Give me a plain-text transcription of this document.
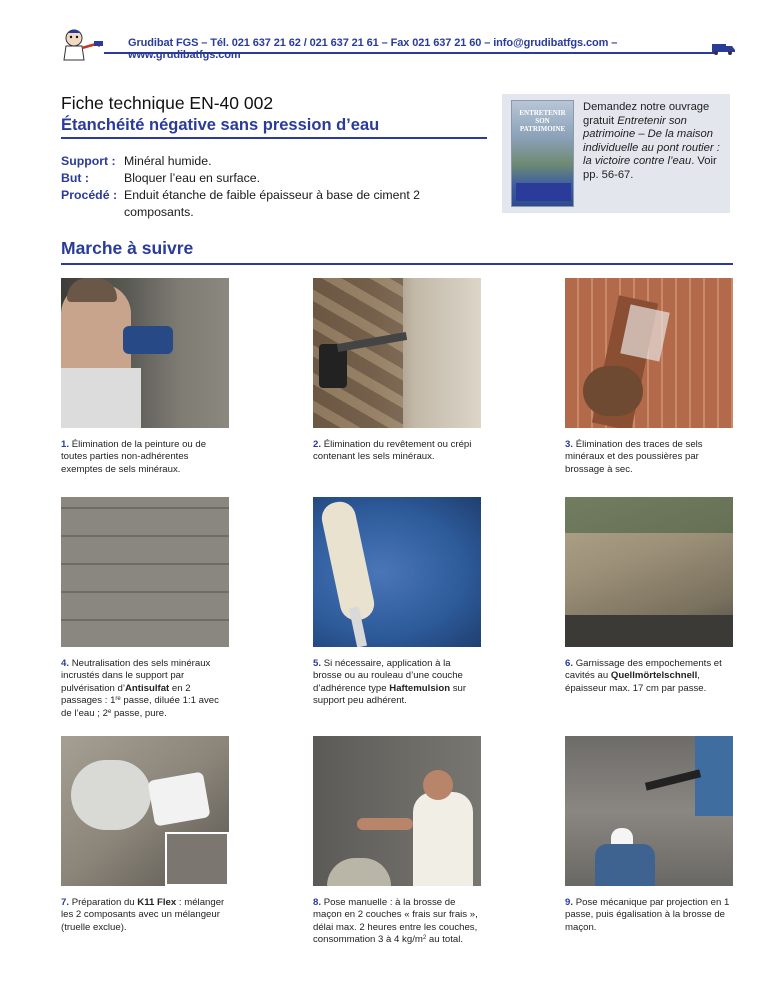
Grudibat FGS – Tél. 021 637 21 62 / 021 637 21 61 – Fax 021 637 21 60 – info@grudibatfgs.com – www.grudibatfgs.com
Fiche technique EN-40 002
Étanchéité négative sans pression d’eau
Support : Minéral humide.
But :	Bloquer l’eau en surface.
Procédé : Enduit étanche de faible épaisseur à base de ciment 2 composants.
ENTRETENIR
SON
PATRIMOINE
Demandez notre ouvrage gratuit Entretenir son patrimoine – De la maison individuelle au pont routier : la victoire contre l’eau. Voir pp. 56-67.
Marche à suivre
1. Élimination de la peinture ou de toutes parties non-adhérentes exemptes de sels minéraux.
2. Élimination du revêtement ou crépi contenant les sels minéraux.
3. Élimination des traces de sels minéraux et des poussières par brossage à sec.
4. Neutralisation des sels minéraux incrustés dans le support par pulvérisation d’Antisulfat en 2 passages : 1re passe, diluée 1:1 avec de l’eau ; 2e passe, pure.
5. Si nécessaire, application à la brosse ou au rouleau d’une couche d’adhérence type Haftemulsion sur support peu adhérent.
6. Garnissage des empochements et cavités au Quellmörtelschnell, épaisseur max. 17 cm par passe.
7. Préparation du K11 Flex : mélanger les 2 composants avec un mélangeur (truelle exclue).
8. Pose manuelle : à la brosse de maçon en 2 couches « frais sur frais », délai max. 2 heures entre les couches, consommation 3 à 4 $kg/m^2$ au total.
9. Pose mécanique par projection en 1 passe, puis égalisation à la brosse de maçon.
